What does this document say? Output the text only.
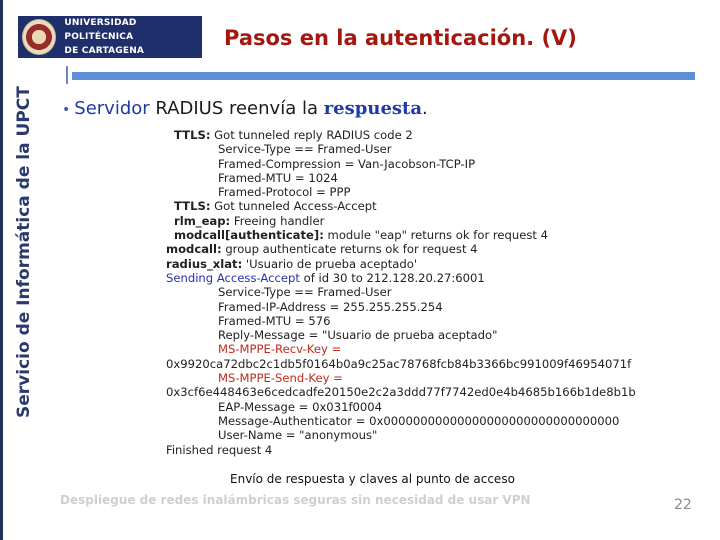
Servicio de Informática de la UPCT
UNIVERSIDAD POLITÉCNICA
DE CARTAGENA
Pasos en la autenticación. (V)
• Servidor RADIUS reenvía la respuesta.
TTLS: Got tunneled reply RADIUS code 2
Service-Type == Framed-User
Framed-Compression = Van-Jacobson-TCP-IP
Framed-MTU = 1024
Framed-Protocol = PPP
TTLS: Got tunneled Access-Accept
rlm_eap: Freeing handler
modcall[authenticate]: module "eap" returns ok for request 4
modcall: group authenticate returns ok for request 4
radius_xlat: 'Usuario de prueba aceptado'
Sending Access-Accept of id 30 to 212.128.20.27:6001
Service-Type == Framed-User
Framed-IP-Address = 255.255.255.254
Framed-MTU = 576
Reply-Message = "Usuario de prueba aceptado"
MS-MPPE-Recv-Key =
0x9920ca72dbc2c1db5f0164b0a9c25ac78768fcb84b3366bc991009f46954071f
MS-MPPE-Send-Key =
0x3cf6e448463e6cedcadfe20150e2c2a3ddd77f7742ed0e4b4685b166b1de8b1b
EAP-Message = 0x031f0004
Message-Authenticator = 0x00000000000000000000000000000000
User-Name = "anonymous"
Finished request 4
Envío de respuesta y claves al punto de acceso
Despliegue de redes inalámbricas seguras sin necesidad de usar VPN	22
